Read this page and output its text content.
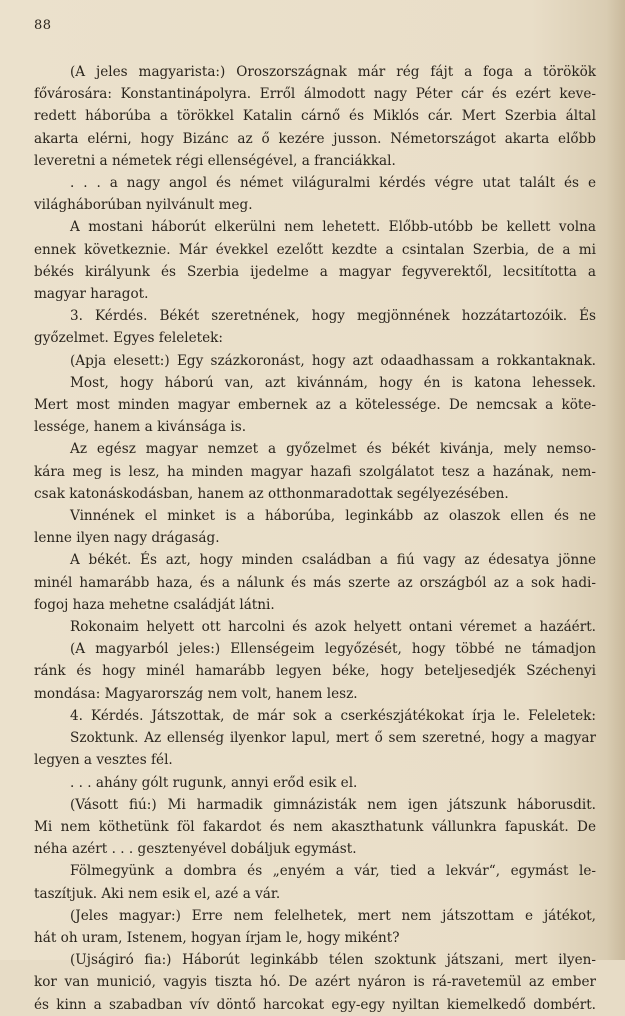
88

(A jeles magyarista:) Oroszországnak már rég fájt a foga a törökök

fővárosára: Konstantinápolyra. Erről álmodott nagy Péter cár és ezért keve-

redett háborúba a törökkel Katalin cárnő és Miklós cár. Mert Szerbia által

akarta elérni, hogy Bizánc az ő kezére jusson. Németországot akarta előbb

leveretni a németek régi ellenségével, a franciákkal.

. . . a nagy angol és német világuralmi kérdés végre utat talált és e

világháborúban nyilvánult meg.

A mostani háborút elkerülni nem lehetett. Előbb-utóbb be kellett volna

ennek következnie. Már évekkel ezelőtt kezdte a csintalan Szerbia, de a mi

békés királyunk és Szerbia ijedelme a magyar fegyverektől, lecsitította a

magyar haragot.

3. Kérdés. Békét szeretnének, hogy megjönnének hozzátartozóik. És

győzelmet. Egyes feleletek:

(Apja elesett:) Egy százkoronást, hogy azt odaadhassam a rokkantaknak.

Most, hogy háború van, azt kivánnám, hogy én is katona lehessek.

Mert most minden magyar embernek az a kötelessége. De nemcsak a köte-

lessége, hanem a kivánsága is.

Az egész magyar nemzet a győzelmet és békét kivánja, mely nemso-

kára meg is lesz, ha minden magyar hazafi szolgálatot tesz a hazának, nem-

csak katonáskodásban, hanem az otthonmaradottak segélyezésében.

Vinnének el minket is a háborúba, leginkább az olaszok ellen és ne

lenne ilyen nagy drágaság.

A békét. És azt, hogy minden családban a fiú vagy az édesatya jönne

minél hamarább haza, és a nálunk és más szerte az országból az a sok hadi-

fogoj haza mehetne családját látni.

Rokonaim helyett ott harcolni és azok helyett ontani véremet a hazáért.

(A magyarból jeles:) Ellenségeim legyőzését, hogy többé ne támadjon

ránk és hogy minél hamarább legyen béke, hogy beteljesedjék Széchenyi

mondása: Magyarország nem volt, hanem lesz.

4. Kérdés. Játszottak, de már sok a cserkészjátékokat írja le. Feleletek:

Szoktunk. Az ellenség ilyenkor lapul, mert ő sem szeretné, hogy a magyar

legyen a vesztes fél.

. . . ahány gólt rugunk, annyi erőd esik el.

(Vásott fiú:) Mi harmadik gimnázisták nem igen játszunk háborusdit.

Mi nem köthetünk föl fakardot és nem akaszthatunk vállunkra fapuskát. De

néha azért . . . gesztenyével dobáljuk egymást.

Fölmegyünk a dombra és „enyém a vár, tied a lekvár“, egymást le-

taszítjuk. Aki nem esik el, azé a vár.

(Jeles magyar:) Erre nem felelhetek, mert nem játszottam e játékot,

hát oh uram, Istenem, hogyan írjam le, hogy miként?

(Ujságiró fia:) Háborút leginkább télen szoktunk játszani, mert ilyen-

kor van munició, vagyis tiszta hó. De azért nyáron is rá-ravetemül az ember

és kinn a szabadban vív döntő harcokat egy-egy nyiltan kiemelkedő dombért.
